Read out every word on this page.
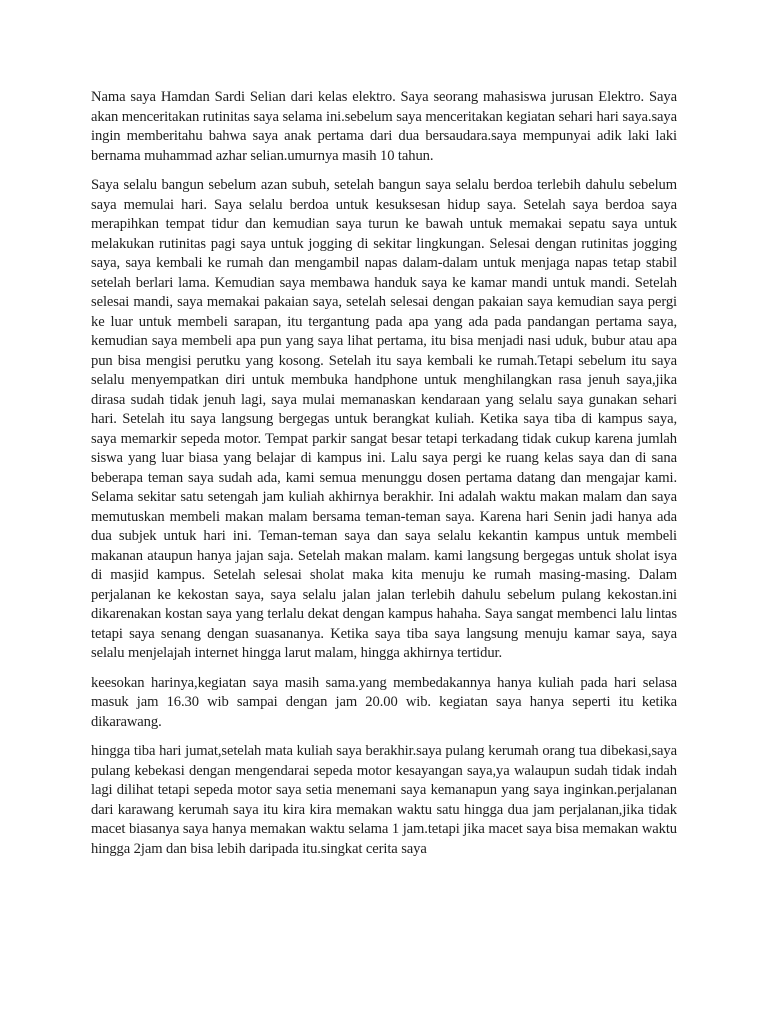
Nama saya Hamdan Sardi Selian dari kelas elektro. Saya seorang mahasiswa jurusan Elektro. Saya akan menceritakan rutinitas saya selama ini.sebelum saya menceritakan kegiatan sehari hari saya.saya ingin memberitahu bahwa saya anak pertama dari dua bersaudara.saya mempunyai adik laki laki bernama muhammad azhar selian.umurnya masih 10 tahun.

Saya selalu bangun sebelum azan subuh, setelah bangun saya selalu berdoa terlebih dahulu sebelum saya memulai hari. Saya selalu berdoa untuk kesuksesan hidup saya. Setelah saya berdoa saya merapihkan tempat tidur dan kemudian saya turun ke bawah untuk memakai sepatu saya untuk melakukan rutinitas pagi saya untuk jogging di sekitar lingkungan. Selesai dengan rutinitas jogging saya, saya kembali ke rumah dan mengambil napas dalam-dalam untuk menjaga napas tetap stabil setelah berlari lama. Kemudian saya membawa handuk saya ke kamar mandi untuk mandi. Setelah selesai mandi, saya memakai pakaian saya, setelah selesai dengan pakaian saya kemudian saya pergi ke luar untuk membeli sarapan, itu tergantung pada apa yang ada pada pandangan pertama saya, kemudian saya membeli apa pun yang saya lihat pertama, itu bisa menjadi nasi uduk, bubur atau apa pun bisa mengisi perutku yang kosong. Setelah itu saya kembali ke rumah.Tetapi sebelum itu saya selalu menyempatkan diri untuk membuka handphone untuk menghilangkan rasa jenuh saya,jika dirasa sudah tidak jenuh lagi, saya mulai memanaskan kendaraan yang selalu saya gunakan sehari hari. Setelah itu saya langsung bergegas untuk berangkat kuliah. Ketika saya tiba di kampus saya, saya memarkir sepeda motor. Tempat parkir sangat besar tetapi terkadang tidak cukup karena jumlah siswa yang luar biasa yang belajar di kampus ini. Lalu saya pergi ke ruang kelas saya dan di sana beberapa teman saya sudah ada, kami semua menunggu dosen pertama datang dan mengajar kami. Selama sekitar satu setengah jam kuliah akhirnya berakhir. Ini adalah waktu makan malam dan saya memutuskan membeli makan malam bersama teman-teman saya. Karena hari Senin jadi hanya ada dua subjek untuk hari ini. Teman-teman saya dan saya selalu kekantin kampus untuk membeli makanan ataupun hanya jajan saja. Setelah makan malam. kami langsung bergegas untuk sholat isya di masjid kampus. Setelah selesai sholat maka kita menuju ke rumah masing-masing. Dalam perjalanan ke kekostan saya, saya selalu jalan jalan terlebih dahulu sebelum pulang kekostan.ini dikarenakan kostan saya yang terlalu dekat dengan kampus hahaha. Saya sangat membenci lalu lintas tetapi saya senang dengan suasananya. Ketika saya tiba saya langsung menuju kamar saya, saya selalu menjelajah internet hingga larut malam, hingga akhirnya tertidur.

keesokan harinya,kegiatan saya masih sama.yang membedakannya hanya kuliah pada hari selasa masuk jam 16.30 wib sampai dengan jam 20.00 wib. kegiatan saya hanya seperti itu ketika dikarawang.

hingga tiba hari jumat,setelah mata kuliah saya berakhir.saya pulang kerumah orang tua dibekasi,saya pulang kebekasi dengan mengendarai sepeda motor kesayangan saya,ya walaupun sudah tidak indah lagi dilihat tetapi sepeda motor saya setia menemani saya kemanapun yang saya inginkan.perjalanan dari karawang kerumah saya itu kira kira memakan waktu satu hingga dua jam perjalanan,jika tidak macet biasanya saya hanya memakan waktu selama 1 jam.tetapi jika macet saya bisa memakan waktu hingga 2jam dan bisa lebih daripada itu.singkat cerita saya
